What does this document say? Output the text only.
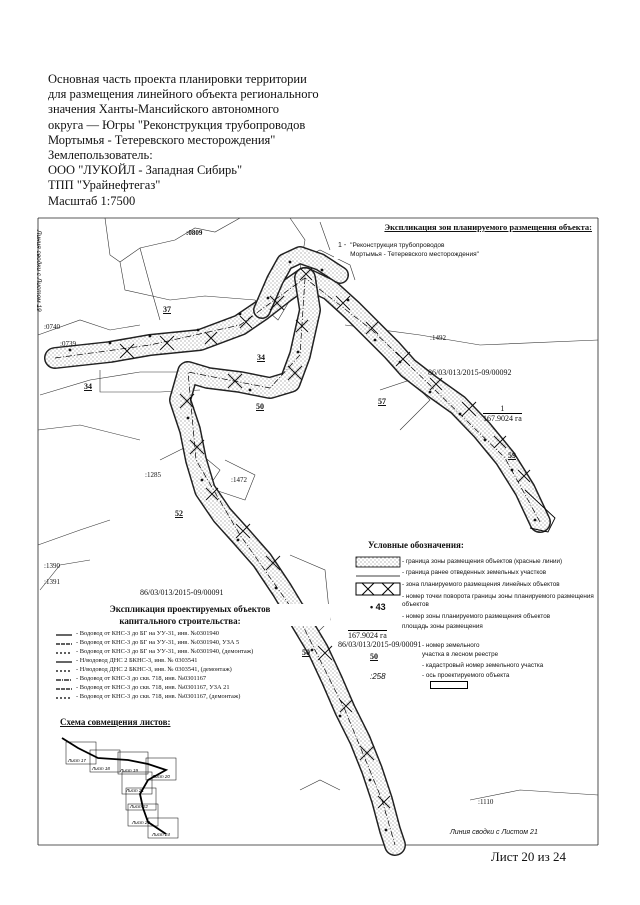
Основная часть проекта планировки территории
для размещения линейного объекта регионального
значения Ханты-Мансийского автономного
округа — Югры "Реконструкция трубопроводов
Мортымья - Тетеревского месторождения"
Землепользователь:
ООО "ЛУКОЙЛ - Западная Сибирь"
ТПП "Урайнефтегаз"
Масштаб 1:7500
Линия сводки с Листом 19
Линия сводки с Листом 21
:0809
:0740
:0739
:1492
:1285
:1472
:1390
:1391
:1110
37
34
34
50
57
59
52
50
86/03/013/2015-09/00092
86/03/013/2015-09/00091
86/03/013/2015-09/00091
1
167.9024 га
167.9024 га
Экспликация зон планируемого размещения объекта:
1 - "Реконструкция трубопроводов
Мортымья - Тетеревского месторождения"
Условные обозначения:
• 43
50
:258
- граница зоны размещения объектов (красные линии)
- граница ранее отведенных земельных участков
- зона планируемого размещения линейных объектов
- номер точки поворота границы зоны планируемого размещения объектов
- номер зоны планируемого размещения объектов
площадь зоны размещения
- номер земельного участка в лесном реестре
- кадастровый номер земельного участка
- ось проектируемого объекта
Экспликация проектируемых объектов
капитального строительства:
- Водовод от КНС-3 до БГ на УУ-31, инв. №0301940
- Водовод от КНС-3 до БГ на УУ-31, инв. №0301940, УЗА 5
- Водовод от КНС-3 до БГ на УУ-31, инв. №0301940, (демонтаж)
- Н/водовод ДНС 2 БКНС-3, инв. № 0303541
- Н/водовод ДНС 2 БКНС-3, инв. № 0303541, (демонтаж)
- Водовод от КНС-3 до скв. 718, инв. №0301167
- Водовод от КНС-3 до скв. 718, инв. №0301167, УЗА 21
- Водовод от КНС-3 до скв. 718, инв. №0301167, (демонтаж)
Схема совмещения листов:
Лист 17
Лист 18 Лист 19
Лист 20
Лист 21
Лист 22
Лист 23
Лист 24
Лист 20 из 24
